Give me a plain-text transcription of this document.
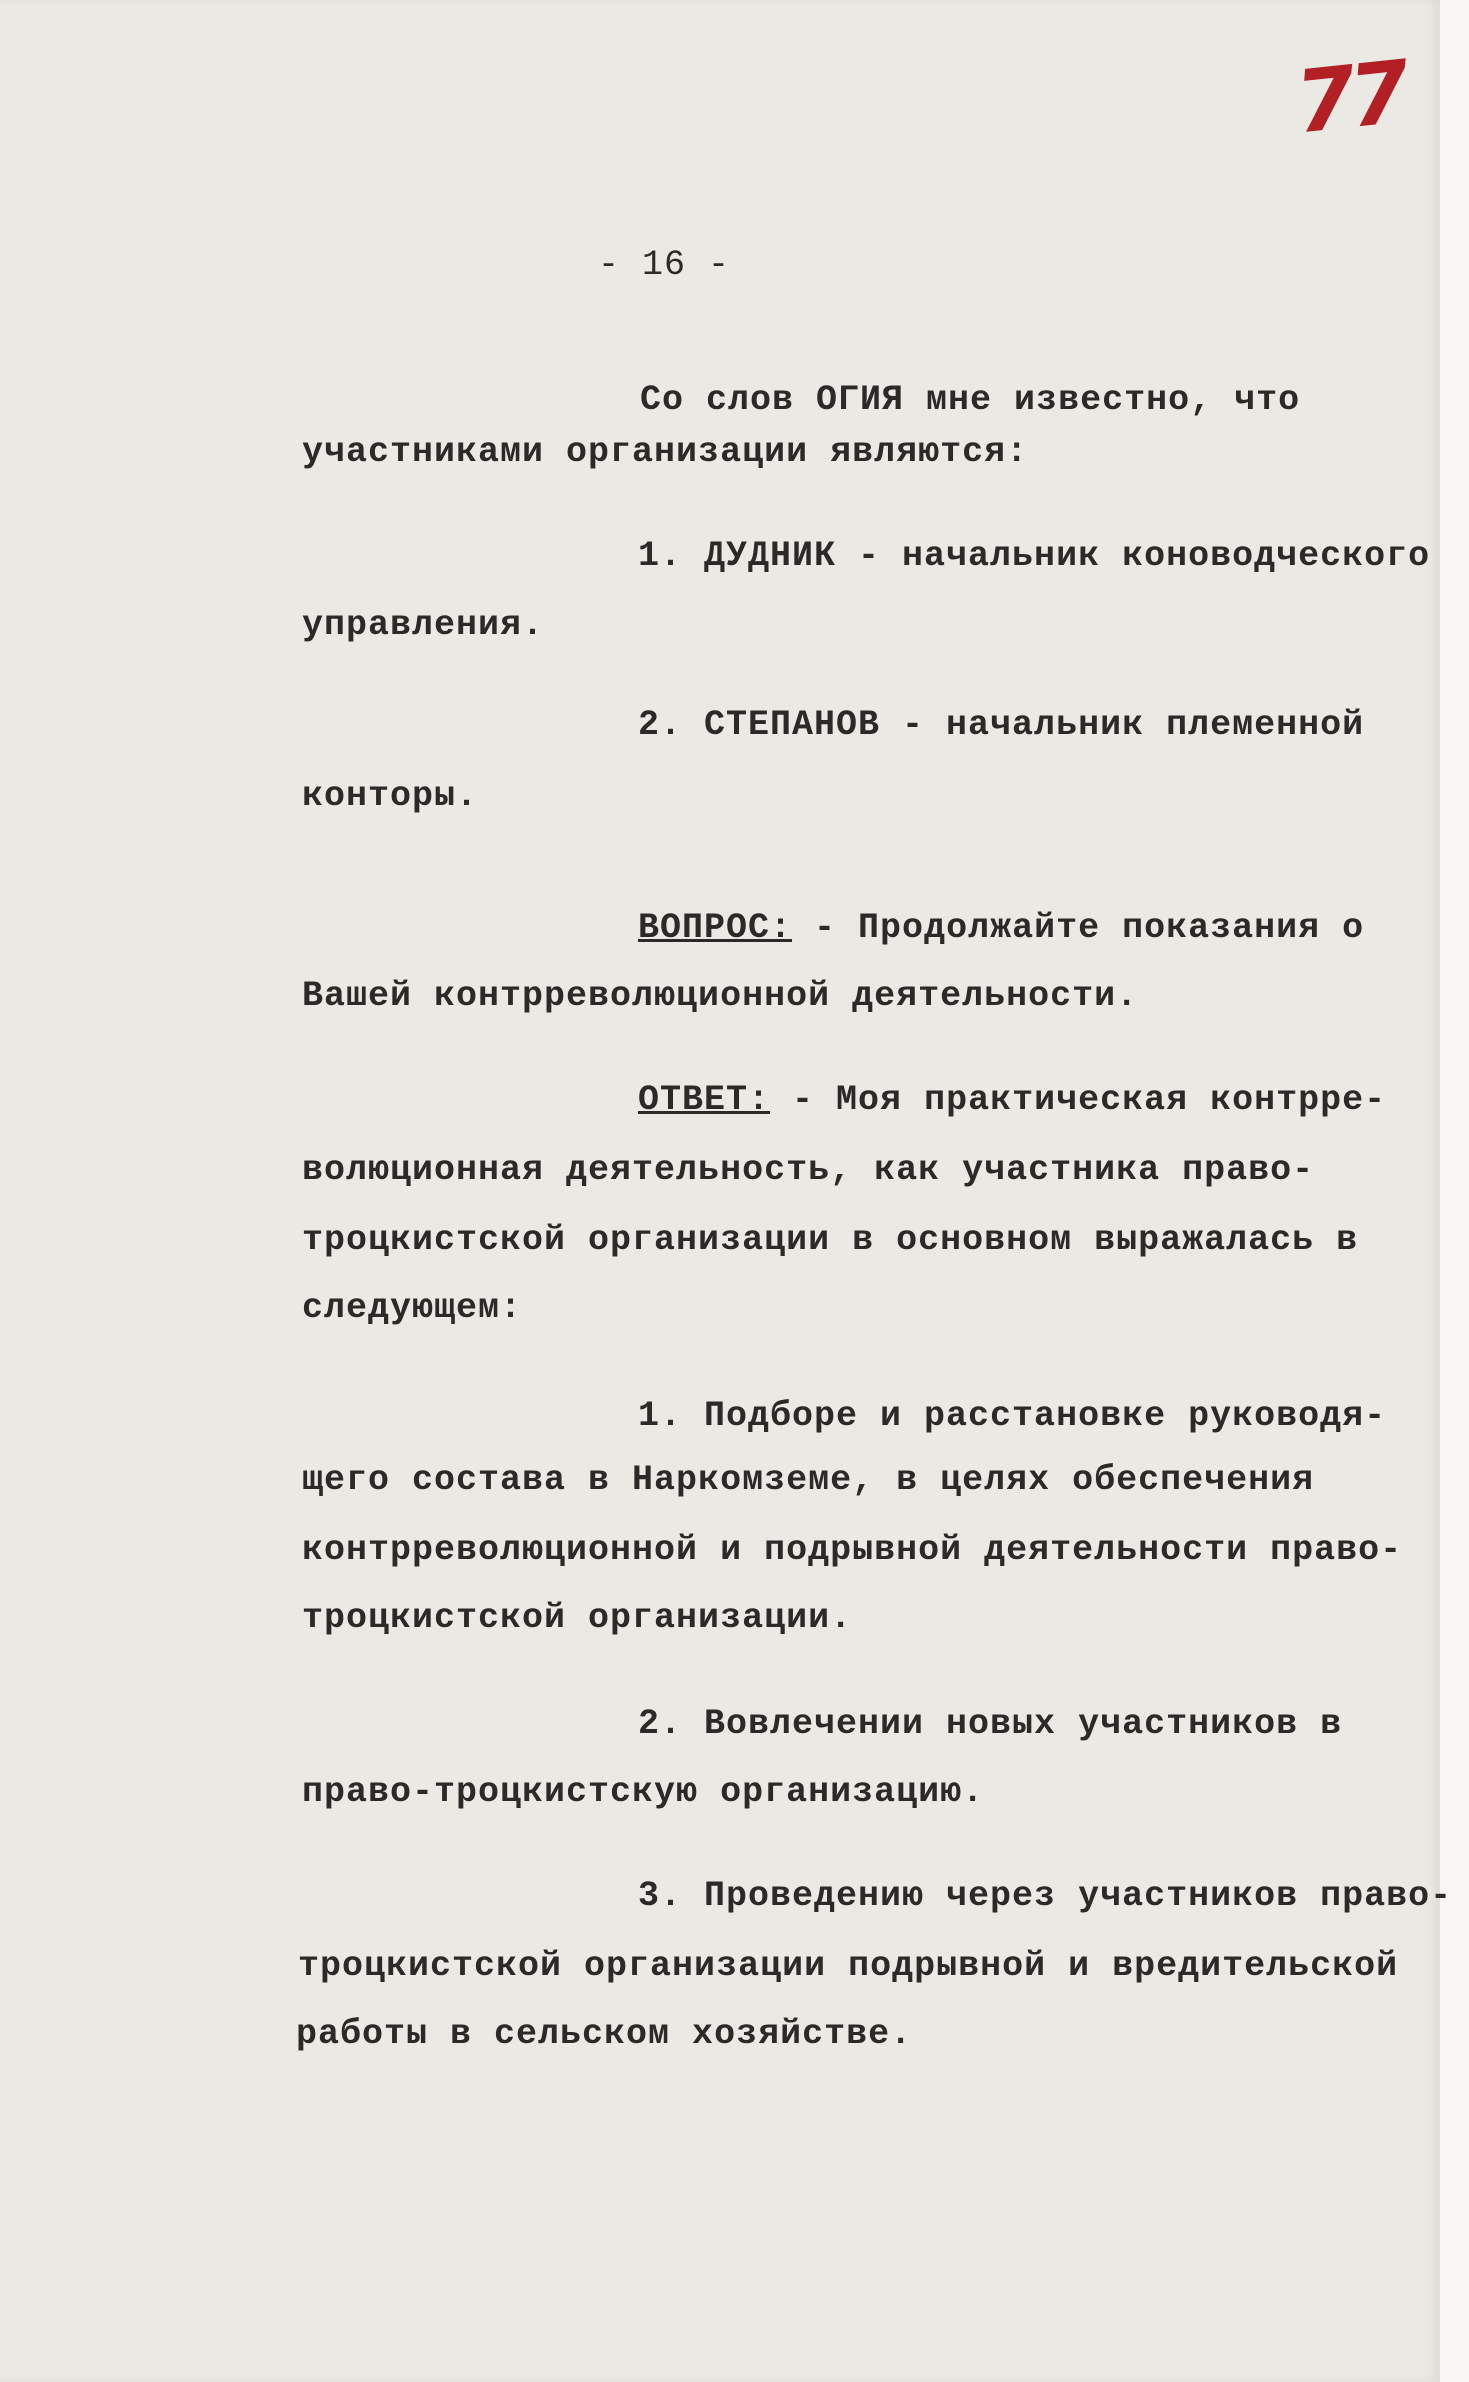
77
- 16 -
Со слов ОГИЯ мне известно, что
участниками организации являются:
1. ДУДНИК - начальник коноводческого
управления.
2. СТЕПАНОВ - начальник племенной
конторы.
ВОПРОС: - Продолжайте показания о
Вашей контрреволюционной деятельности.
ОТВЕТ: - Моя практическая контрре-
волюционная деятельность, как участника право-
троцкистской организации в основном выражалась в
следующем:
1. Подборе и расстановке руководя-
щего состава в Наркомземе, в целях обеспечения
контрреволюционной и подрывной деятельности право-
троцкистской организации.
2. Вовлечении новых участников в
право-троцкистскую организацию.
3. Проведению через участников право-
троцкистской организации подрывной и вредительской
работы в сельском хозяйстве.
